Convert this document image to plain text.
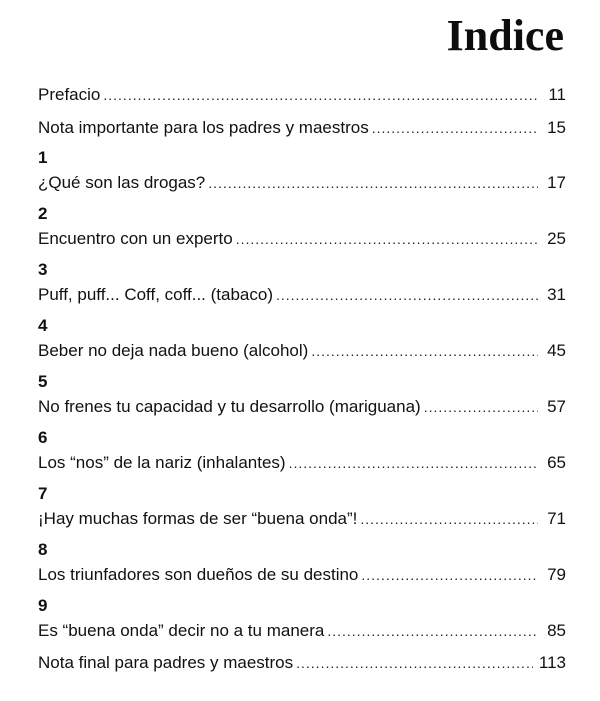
Indice
Prefacio .....	11
Nota importante para los padres y maestros .....	15
1
¿Qué son las drogas? .....	17
2
Encuentro con un experto .....	25
3
Puff, puff... Coff, coff... (tabaco) .....	31
4
Beber no deja nada bueno (alcohol) .....	45
5
No frenes tu capacidad y tu desarrollo (mariguana) .....	57
6
Los “nos” de la nariz (inhalantes) .....	65
7
¡Hay muchas formas de ser “buena onda”! .....	71
8
Los triunfadores son dueños de su destino .....	79
9
Es “buena onda” decir no a tu manera .....	85
Nota final para padres y maestros .....	113
